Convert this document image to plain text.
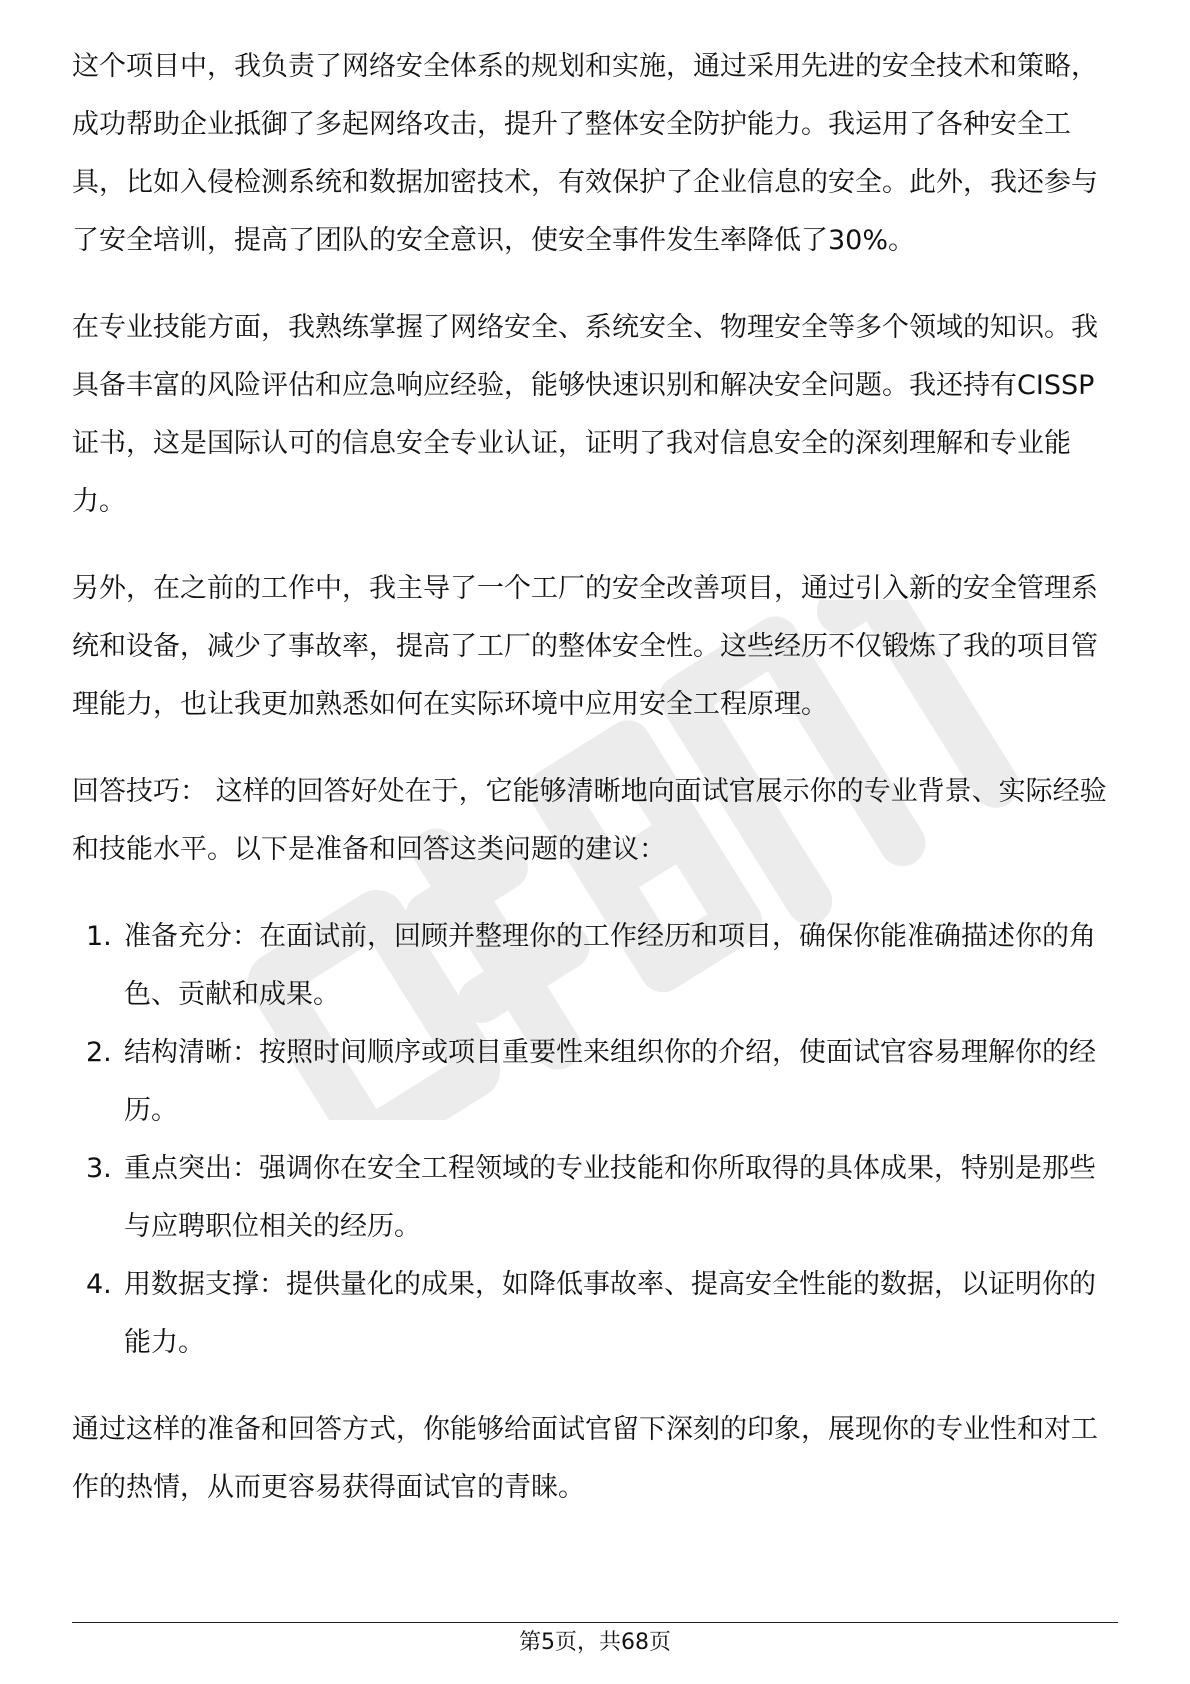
这个项目中，我负责了网络安全体系的规划和实施，通过采用先进的安全技术和策略，成功帮助企业抵御了多起网络攻击，提升了整体安全防护能力。我运用了各种安全工具，比如入侵检测系统和数据加密技术，有效保护了企业信息的安全。此外，我还参与了安全培训，提高了团队的安全意识，使安全事件发生率降低了30%。

在专业技能方面，我熟练掌握了网络安全、系统安全、物理安全等多个领域的知识。我具备丰富的风险评估和应急响应经验，能够快速识别和解决安全问题。我还持有CISSP证书，这是国际认可的信息安全专业认证，证明了我对信息安全的深刻理解和专业能力。

另外，在之前的工作中，我主导了一个工厂的安全改善项目，通过引入新的安全管理系统和设备，减少了事故率，提高了工厂的整体安全性。这些经历不仅锻炼了我的项目管理能力，也让我更加熟悉如何在实际环境中应用安全工程原理。

回答技巧： 这样的回答好处在于，它能够清晰地向面试官展示你的专业背景、实际经验和技能水平。以下是准备和回答这类问题的建议：

1. 准备充分：在面试前，回顾并整理你的工作经历和项目，确保你能准确描述你的角色、贡献和成果。
2. 结构清晰：按照时间顺序或项目重要性来组织你的介绍，使面试官容易理解你的经历。
3. 重点突出：强调你在安全工程领域的专业技能和你所取得的具体成果，特别是那些与应聘职位相关的经历。
4. 用数据支撑：提供量化的成果，如降低事故率、提高安全性能的数据，以证明你的能力。

通过这样的准备和回答方式，你能够给面试官留下深刻的印象，展现你的专业性和对工作的热情，从而更容易获得面试官的青睐。

第5页，共68页
